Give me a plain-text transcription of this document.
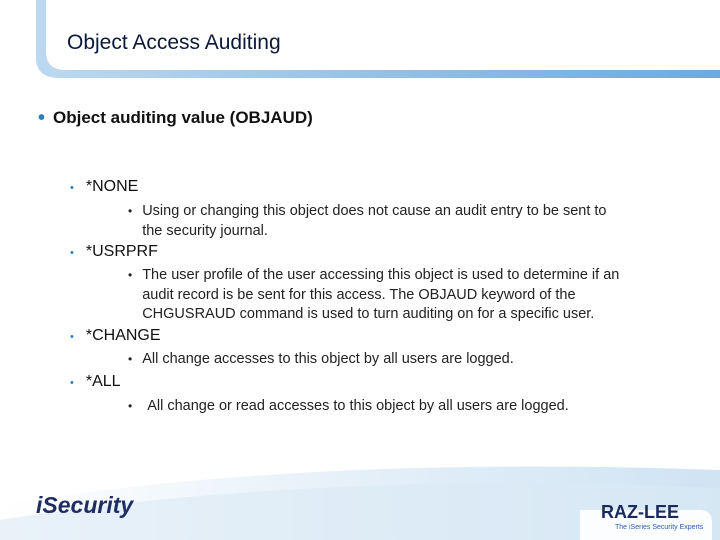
Object Access Auditing
• Object auditing value (OBJAUD)
• *NONE
• Using or changing this object does not cause an audit entry to be sent to
the security journal.
• *USRPRF
• The user profile of the user accessing this object is used to determine if an
audit record is be sent for this access. The OBJAUD keyword of the
CHGUSRAUD command is used to turn auditing on for a specific user.
• *CHANGE
• All change accesses to this object by all users are logged.
• *ALL
•	All change or read accesses to this object by all users are logged.
iSecurity	RAZ-LEE
The iSeries Security Experts
